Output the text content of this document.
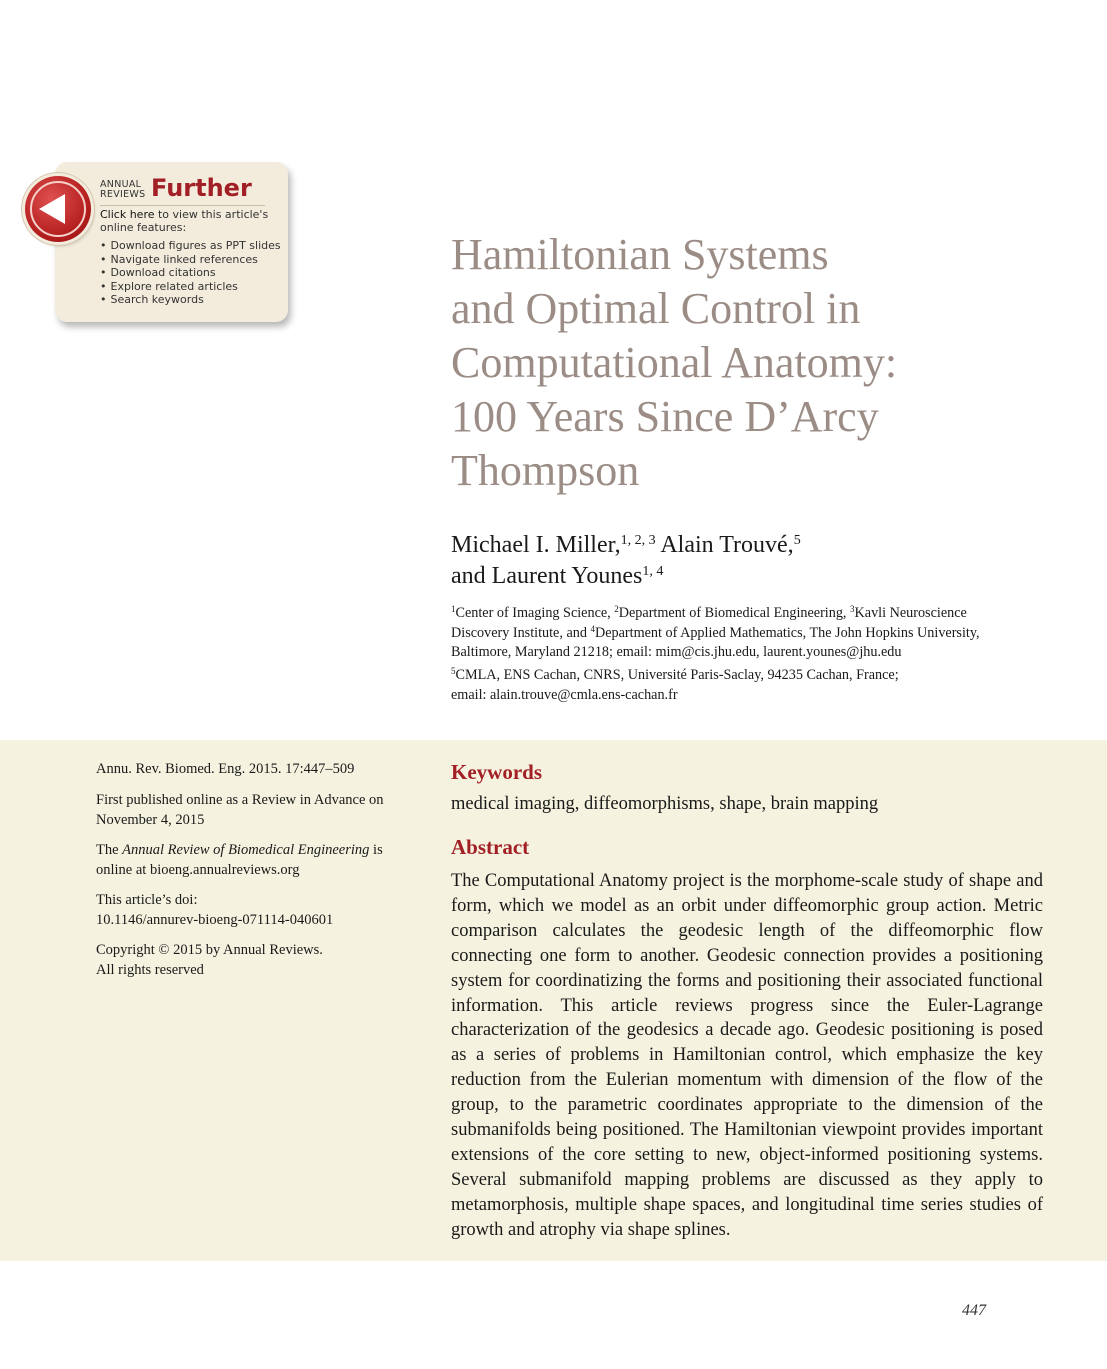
ANNUAL
REVIEWS Further
Click here to view this article's online features:
• Download figures as PPT slides
• Navigate linked references
• Download citations
• Explore related articles
• Search keywords
Hamiltonian Systems
and Optimal Control in
Computational Anatomy:
100 Years Since D’Arcy
Thompson
Michael I. Miller,$^{1, 2, 3}$ Alain Trouvé,$^5$
and Laurent Younes$^{1, 4}$
$^1$Center of Imaging Science, $^2$Department of Biomedical Engineering, $^3$Kavli Neuroscience
Discovery Institute, and $^4$Department of Applied Mathematics, The John Hopkins University,
Baltimore, Maryland 21218; email: mim@cis.jhu.edu, laurent.younes@jhu.edu
$^5$CMLA, ENS Cachan, CNRS, Université Paris-Saclay, 94235 Cachan, France;
email: alain.trouve@cmla.ens-cachan.fr
Annu. Rev. Biomed. Eng. 2015. 17:447–509
First published online as a Review in Advance on
November 4, 2015
The Annual Review of Biomedical Engineering is
online at bioeng.annualreviews.org
This article’s doi:
10.1146/annurev-bioeng-071114-040601
Copyright © 2015 by Annual Reviews.
All rights reserved
Keywords
medical imaging, diffeomorphisms, shape, brain mapping
Abstract

The Computational Anatomy project is the morphome-scale study of shape and form, which we model as an orbit under diffeomorphic group action. Metric comparison calculates the geodesic length of the diffeomorphic flow connecting one form to another. Geodesic connection provides a positioning system for coordinatizing the forms and positioning their associated functional information. This article reviews progress since the Euler-Lagrange characterization of the geodesics a decade ago. Geodesic positioning is posed as a series of problems in Hamiltonian control, which emphasize the key reduction from the Eulerian momentum with dimension of the flow of the group, to the parametric coordinates appropriate to the dimension of the submanifolds being positioned. The Hamiltonian viewpoint provides important extensions of the core setting to new, object-informed positioning systems. Several submanifold mapping problems are discussed as they apply to metamorphosis, multiple shape spaces, and longitudinal time series studies of growth and atrophy via shape splines.

447
